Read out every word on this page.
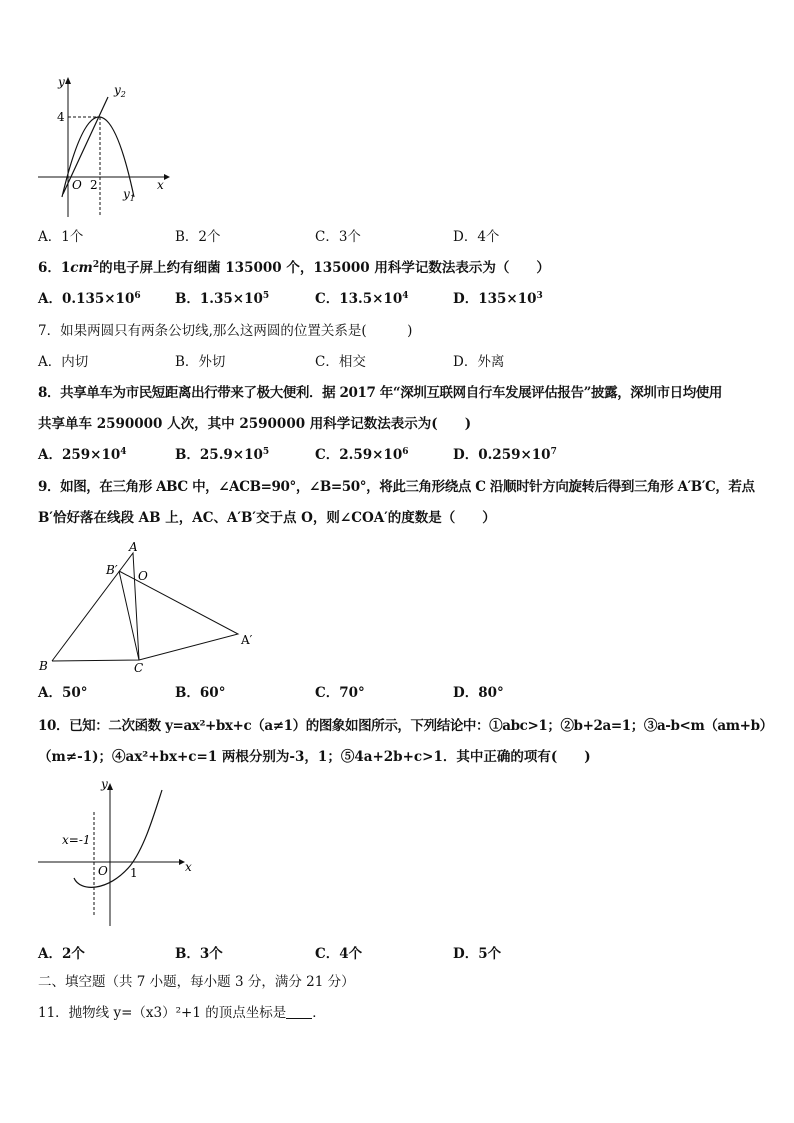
y
$y_2$
4
O 2	x
$y_1$
A．1个	B．2个	C．3个	D．4个
6．$1cm^2$的电子屏上约有细菌 135000 个，135000 用科学记数法表示为（　　）
A．$0.135\times 10^6$	B．$1.35\times 10^5$	C．$13.5\times 10^4$	D．$135\times 10^3$
7．如果两圆只有两条公切线,那么这两圆的位置关系是(　　　)
A．内切	B．外切	C．相交	D．外离
8．共享单车为市民短距离出行带来了极大便利．据 2017 年“深圳互联网自行车发展评估报告”披露，深圳市日均使用
共享单车 2590000 人次，其中 2590000 用科学记数法表示为(　　)
A．$259\times 10^4$	B．$25.9\times 10^5$	C．$2.59\times 10^6$	D．$0.259\times 10^7$
9．如图，在三角形 ABC 中，∠ACB=90°，∠B=50°，将此三角形绕点 C 沿顺时针方向旋转后得到三角形 A′B′C，若点
B′恰好落在线段 AB 上，AC、A′B′交于点 O，则∠COA′的度数是（　　）
A
B′ O
A′
B	C
A．50°	B．60°	C．70°	D．80°
10．已知：二次函数 y=ax²+bx+c（a≠1）的图象如图所示，下列结论中：①abc>1；②b+2a=1；③a-b<m（am+b）
（m≠-1)；④ax²+bx+c=1 两根分别为-3，1；⑤4a+2b+c>1．其中正确的项有(　　)
y
x=-1
O 1	x
A．2个	B．3个	C．4个	D．5个
二、填空题（共 7 小题，每小题 3 分，满分 21 分）
11．抛物线 y=（x3）²+1 的顶点坐标是 ．
